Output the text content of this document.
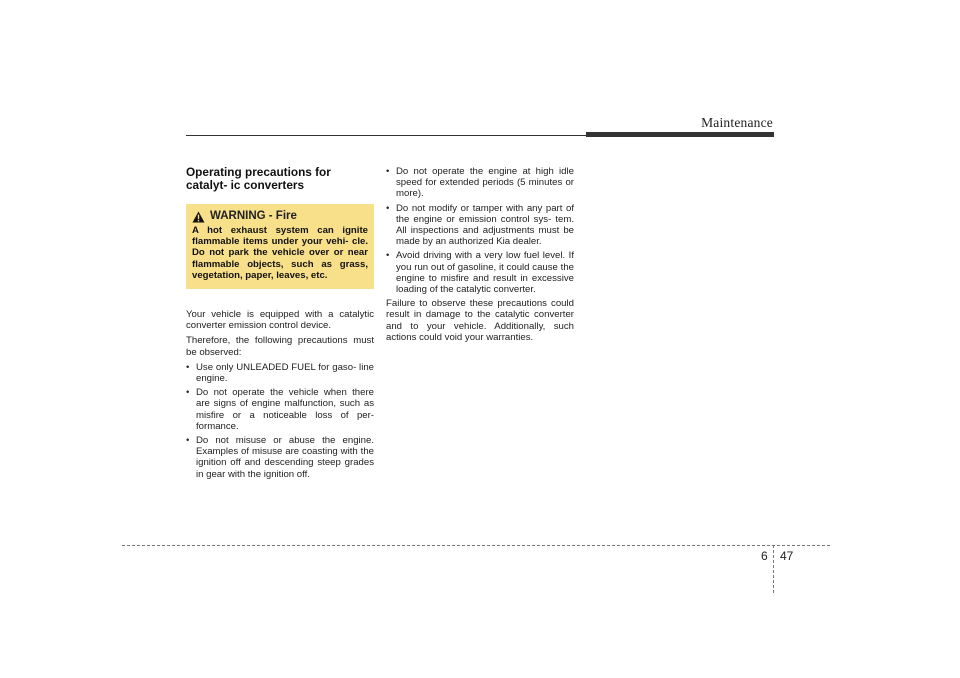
Maintenance
Operating precautions for catalyt- ic converters
WARNING - Fire
A hot exhaust system can ignite flammable items under your vehi- cle. Do not park the vehicle over or near flammable objects, such as grass, vegetation, paper, leaves, etc.

Your vehicle is equipped with a catalytic converter emission control device.

Therefore, the following precautions must be observed:

• Use only UNLEADED FUEL for gaso- line engine.
• Do not operate the vehicle when there are signs of engine malfunction, such as misfire or a noticeable loss of per- formance.
• Do not misuse or abuse the engine. Examples of misuse are coasting with the ignition off and descending steep grades in gear with the ignition off.
• Do not operate the engine at high idle speed for extended periods (5 minutes or more).
• Do not modify or tamper with any part of the engine or emission control sys- tem. All inspections and adjustments must be made by an authorized Kia dealer.
• Avoid driving with a very low fuel level. If you run out of gasoline, it could cause the engine to misfire and result in excessive loading of the catalytic converter.

Failure to observe these precautions could result in damage to the catalytic converter and to your vehicle. Additionally, such actions could void your warranties.

6 47
